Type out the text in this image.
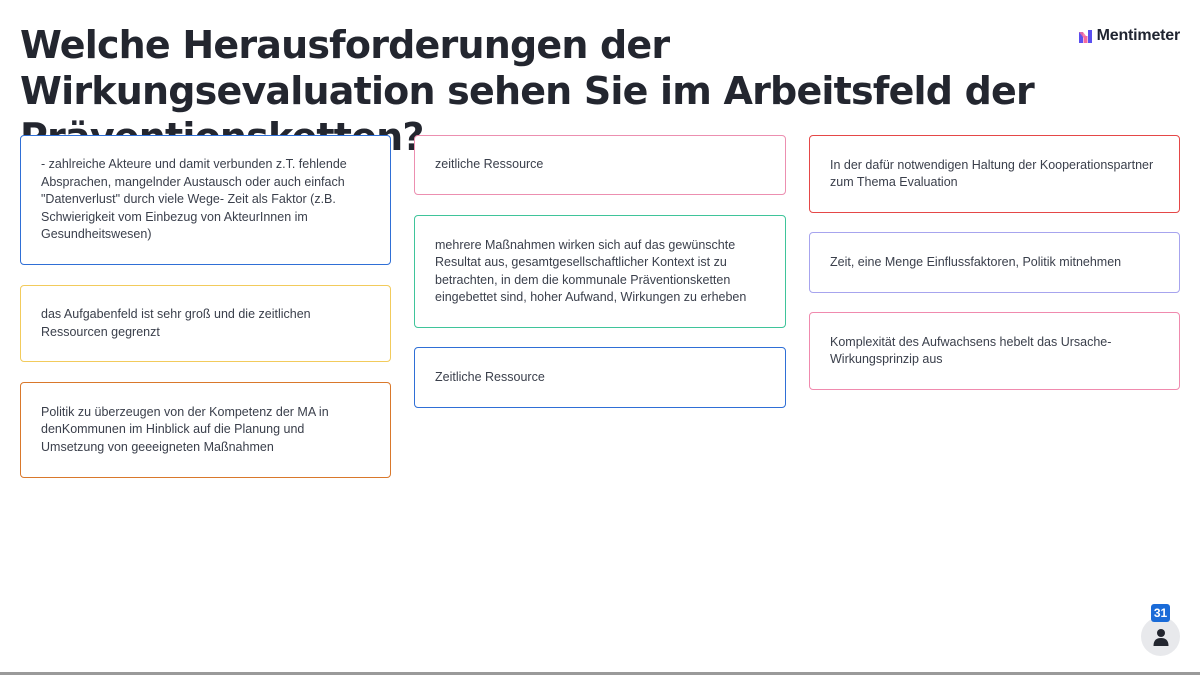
Welche Herausforderungen der Wirkungsevaluation sehen Sie im Arbeitsfeld der
Mentimeter
- zahlreiche Akteure und damit verbunden z.T. fehlende Absprachen, mangelnder Austausch oder auch einfach "Datenverlust" durch viele Wege- Zeit als Faktor (z.B. Schwierigkeit vom Einbezug von AkteurInnen im Gesundheitswesen)
das Aufgabenfeld ist sehr groß und die zeitlichen Ressourcen gegrenzt
Politik zu überzeugen von der Kompetenz der MA in denKommunen im Hinblick auf die Planung und Umsetzung von geeeigneten Maßnahmen
zeitliche Ressource
mehrere Maßnahmen wirken sich auf das gewünschte Resultat aus, gesamtgesellschaftlicher Kontext ist zu betrachten, in dem die kommunale Präventionsketten eingebettet sind, hoher Aufwand, Wirkungen zu erheben
Zeitliche Ressource
In der dafür notwendigen Haltung der Kooperationspartner zum Thema Evaluation
Zeit, eine Menge Einflussfaktoren, Politik mitnehmen
Komplexität des Aufwachsens hebelt das Ursache-Wirkungsprinzip aus
31
